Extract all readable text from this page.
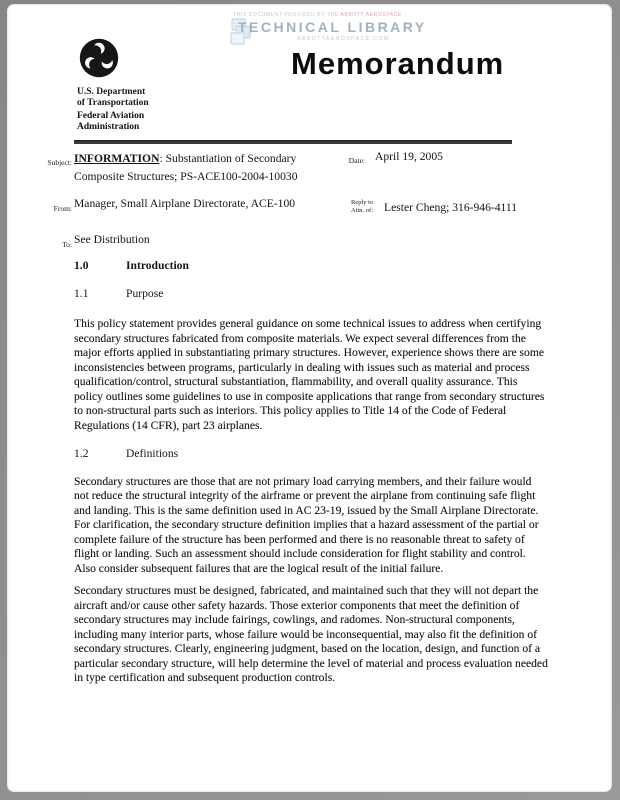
THIS DOCUMENT PROVIDED BY THE ABBOTT AEROSPACE
TECHNICAL LIBRARY
ABBOTTAEROSPACE.COM
U.S. Department
of Transportation
Federal Aviation
Administration
Memorandum
Subject: INFORMATION: Substantiation of Secondary
Composite Structures; PS-ACE100-2004-10030
Date: April 19, 2005
From: Manager, Small Airplane Directorate, ACE-100	Reply to
Attn. of: Lester Cheng; 316-946-4111
To: See Distribution
1.0	Introduction
1.1	Purpose
This policy statement provides general guidance on some technical issues to address when certifying secondary structures fabricated from composite materials. We expect several differences from the major efforts applied in substantiating primary structures. However, experience shows there are some inconsistencies between programs, particularly in dealing with issues such as material and process qualification/control, structural substantiation, flammability, and overall quality assurance. This policy outlines some guidelines to use in composite applications that range from secondary structures to non-structural parts such as interiors. This policy applies to Title 14 of the Code of Federal Regulations (14 CFR), part 23 airplanes.
1.2	Definitions
Secondary structures are those that are not primary load carrying members, and their failure would not reduce the structural integrity of the airframe or prevent the airplane from continuing safe flight and landing. This is the same definition used in AC 23-19, issued by the Small Airplane Directorate. For clarification, the secondary structure definition implies that a hazard assessment of the partial or complete failure of the structure has been performed and there is no reasonable threat to safety of flight or landing. Such an assessment should include consideration for flight stability and control. Also consider subsequent failures that are the logical result of the initial failure.
Secondary structures must be designed, fabricated, and maintained such that they will not depart the aircraft and/or cause other safety hazards. Those exterior components that meet the definition of secondary structures may include fairings, cowlings, and radomes. Non-structural components, including many interior parts, whose failure would be inconsequential, may also fit the definition of secondary structures. Clearly, engineering judgment, based on the location, design, and function of a particular secondary structure, will help determine the level of material and process evaluation needed in type certification and subsequent production controls.
